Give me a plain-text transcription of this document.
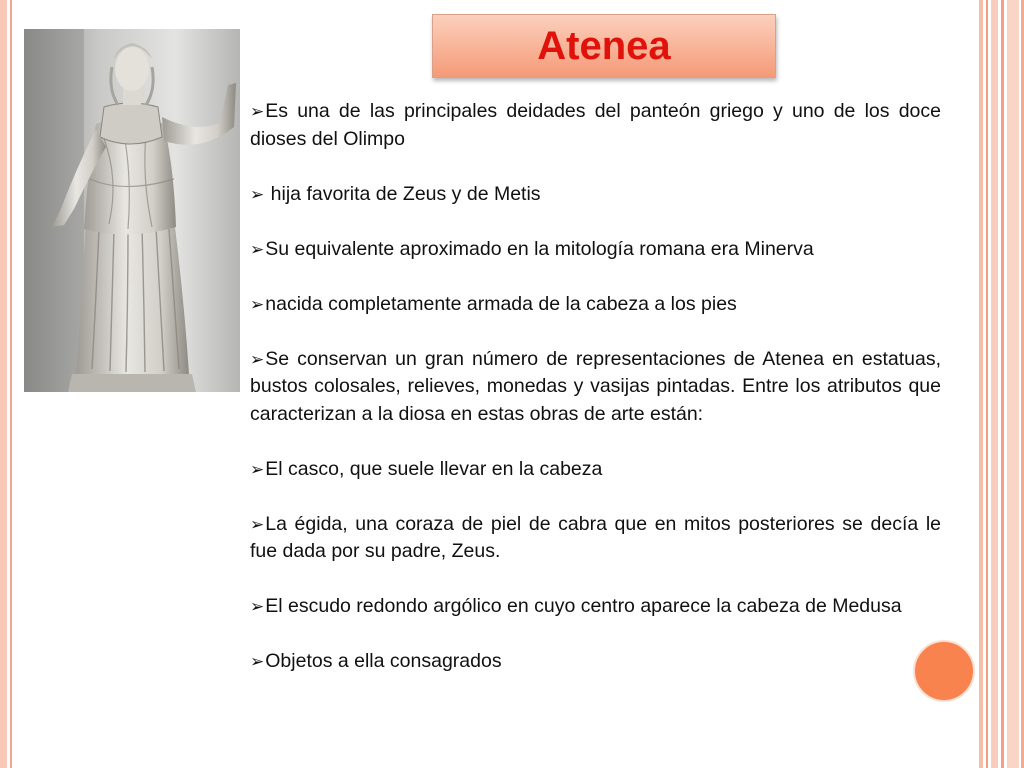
Atenea

➢Es una de las principales deidades del panteón griego y uno de los doce dioses del Olimpo

➢ hija favorita de Zeus y de Metis

➢Su equivalente aproximado en la mitología romana era Minerva

➢nacida completamente armada de la cabeza a los pies

➢Se conservan un gran número de representaciones de Atenea en estatuas, bustos colosales, relieves, monedas y vasijas pintadas. Entre los atributos que caracterizan a la diosa en estas obras de arte están:

➢El casco, que suele llevar en la cabeza

➢La égida, una coraza de piel de cabra que en mitos posteriores se decía le fue dada por su padre, Zeus.

➢El escudo redondo argólico en cuyo centro aparece la cabeza de Medusa

➢Objetos a ella consagrados
